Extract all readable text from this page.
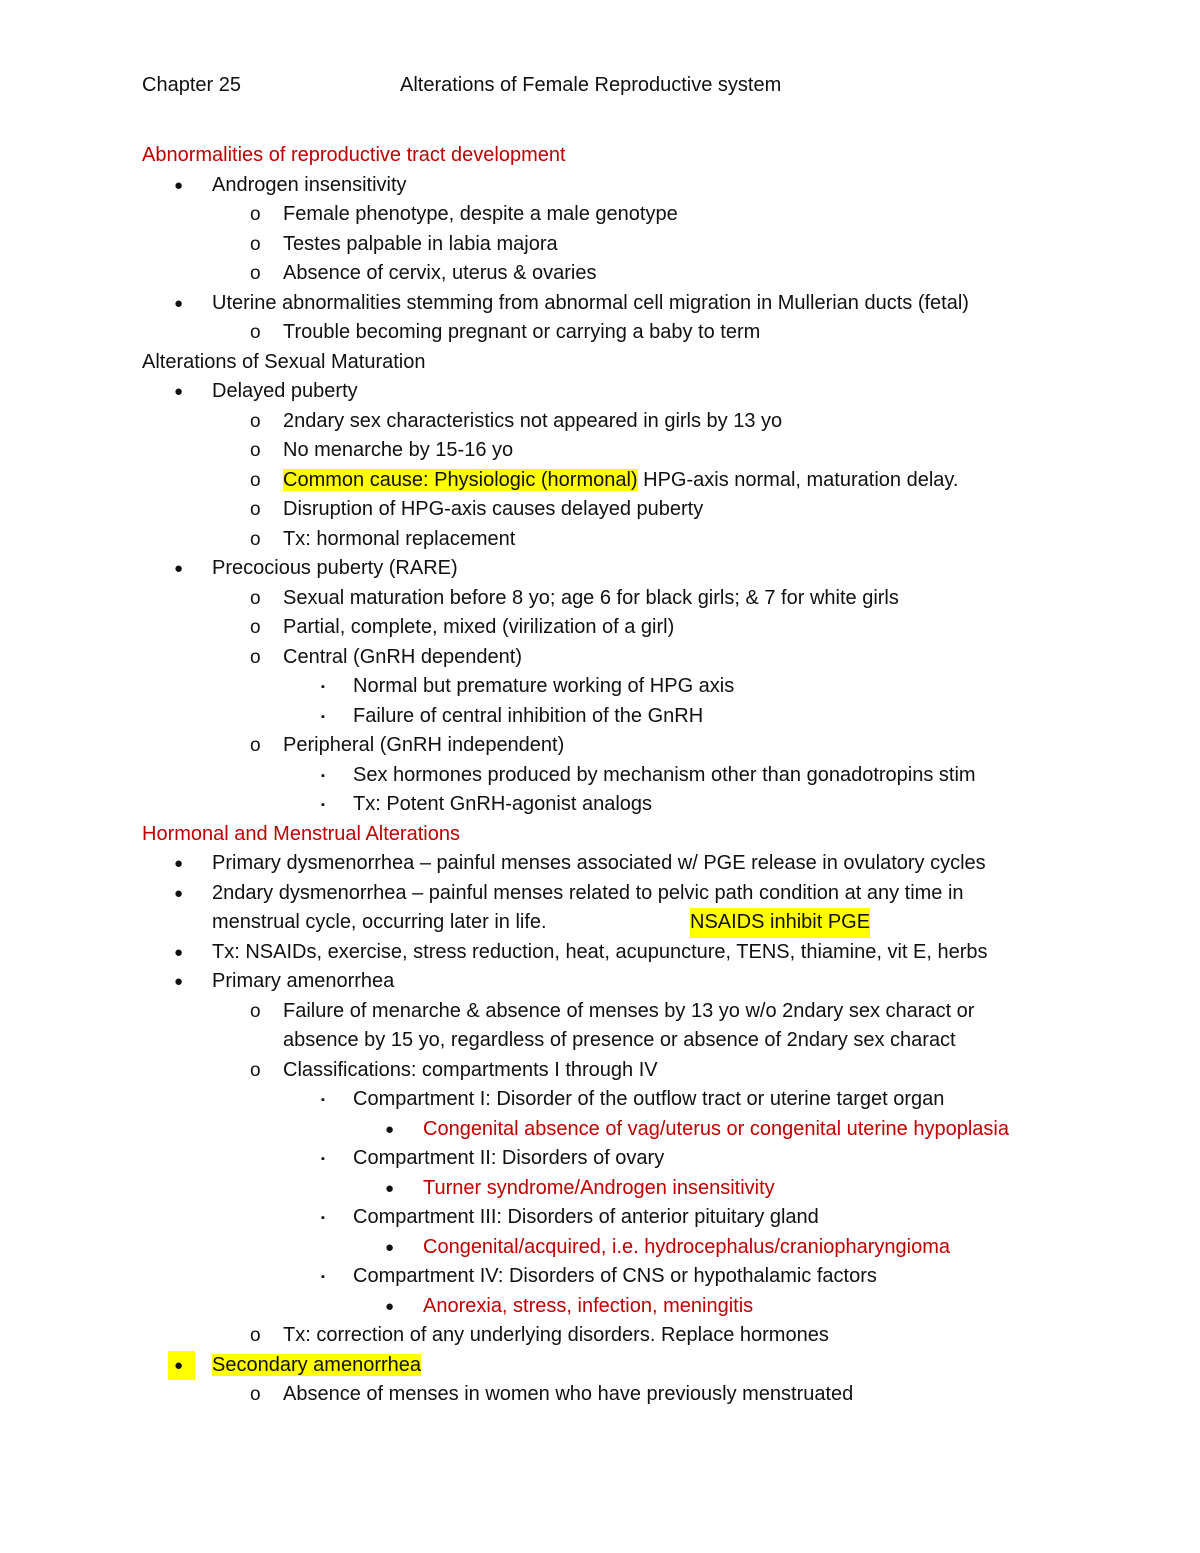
Chapter 25	Alterations of Female Reproductive system
Abnormalities of reproductive tract development
● Androgen insensitivity
o Female phenotype, despite a male genotype
o Testes palpable in labia majora
o Absence of cervix, uterus & ovaries
● Uterine abnormalities stemming from abnormal cell migration in Mullerian ducts (fetal)
o Trouble becoming pregnant or carrying a baby to term
Alterations of Sexual Maturation
● Delayed puberty
o 2ndary sex characteristics not appeared in girls by 13 yo
o No menarche by 15-16 yo
o Common cause: Physiologic (hormonal) HPG-axis normal, maturation delay.
o Disruption of HPG-axis causes delayed puberty
o Tx: hormonal replacement
● Precocious puberty (RARE)
o Sexual maturation before 8 yo; age 6 for black girls; & 7 for white girls
o Partial, complete, mixed (virilization of a girl)
o Central (GnRH dependent)
▪ Normal but premature working of HPG axis
▪ Failure of central inhibition of the GnRH
o Peripheral (GnRH independent)
▪ Sex hormones produced by mechanism other than gonadotropins stim
▪ Tx: Potent GnRH-agonist analogs
Hormonal and Menstrual Alterations
● Primary dysmenorrhea – painful menses associated w/ PGE release in ovulatory cycles
● 2ndary dysmenorrhea – painful menses related to pelvic path condition at any time in
menstrual cycle, occurring later in life.	NSAIDS inhibit PGE
● Tx: NSAIDs, exercise, stress reduction, heat, acupuncture, TENS, thiamine, vit E, herbs
● Primary amenorrhea
o Failure of menarche & absence of menses by 13 yo w/o 2ndary sex charact or
absence by 15 yo, regardless of presence or absence of 2ndary sex charact
o Classifications: compartments I through IV
▪ Compartment I: Disorder of the outflow tract or uterine target organ
● Congenital absence of vag/uterus or congenital uterine hypoplasia
▪ Compartment II: Disorders of ovary
● Turner syndrome/Androgen insensitivity
▪ Compartment III: Disorders of anterior pituitary gland
● Congenital/acquired, i.e. hydrocephalus/craniopharyngioma
▪ Compartment IV: Disorders of CNS or hypothalamic factors
● Anorexia, stress, infection, meningitis
o Tx: correction of any underlying disorders. Replace hormones
●	Secondary amenorrhea
o Absence of menses in women who have previously menstruated
